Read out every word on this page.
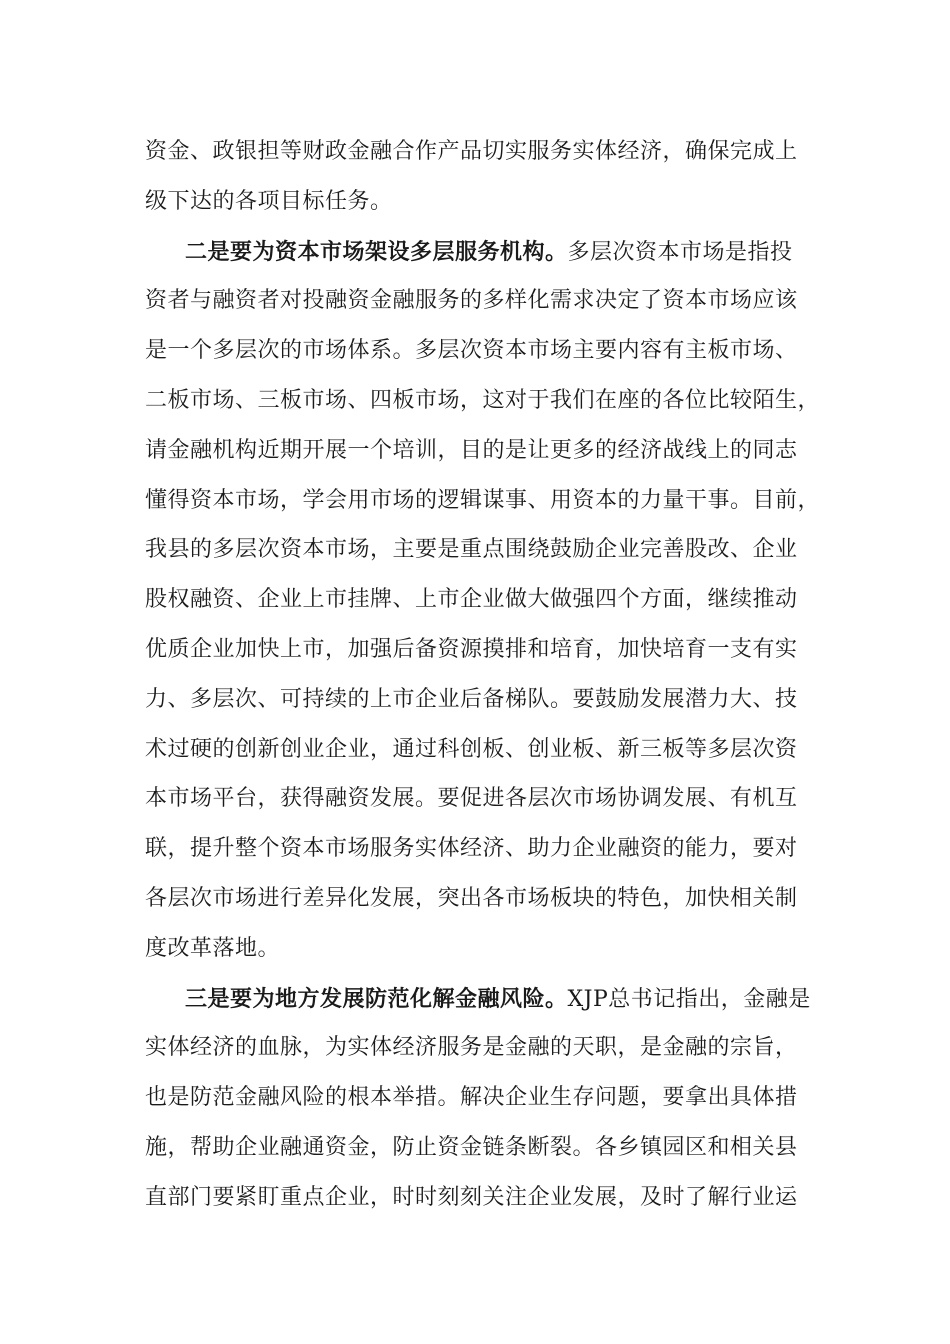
资金、政银担等财政金融合作产品切实服务实体经济，确保完成上
级下达的各项目标任务。
二是要为资本市场架设多层服务机构。多层次资本市场是指投
资者与融资者对投融资金融服务的多样化需求决定了资本市场应该
是一个多层次的市场体系。多层次资本市场主要内容有主板市场、
二板市场、三板市场、四板市场，这对于我们在座的各位比较陌生，
请金融机构近期开展一个培训，目的是让更多的经济战线上的同志
懂得资本市场，学会用市场的逻辑谋事、用资本的力量干事。目前，
我县的多层次资本市场，主要是重点围绕鼓励企业完善股改、企业
股权融资、企业上市挂牌、上市企业做大做强四个方面，继续推动
优质企业加快上市，加强后备资源摸排和培育，加快培育一支有实
力、多层次、可持续的上市企业后备梯队。要鼓励发展潜力大、技
术过硬的创新创业企业，通过科创板、创业板、新三板等多层次资
本市场平台，获得融资发展。要促进各层次市场协调发展、有机互
联，提升整个资本市场服务实体经济、助力企业融资的能力，要对
各层次市场进行差异化发展，突出各市场板块的特色，加快相关制
度改革落地。
三是要为地方发展防范化解金融风险。XJP总书记指出，金融是
实体经济的血脉，为实体经济服务是金融的天职，是金融的宗旨，
也是防范金融风险的根本举措。解决企业生存问题，要拿出具体措
施，帮助企业融通资金，防止资金链条断裂。各乡镇园区和相关县
直部门要紧盯重点企业，时时刻刻关注企业发展，及时了解行业运
